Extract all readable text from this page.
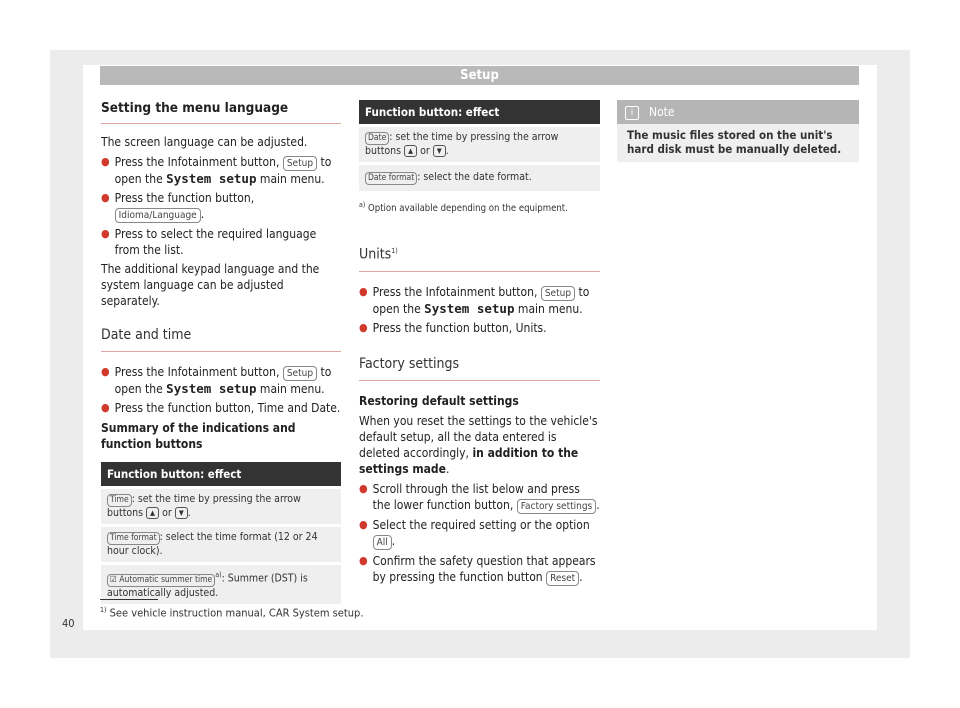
Setup
Setting the menu language

The screen language can be adjusted.

● Press the Infotainment button, Setup to open the System setup main menu.
● Press the function button, Idioma/Language .
● Press to select the required language from the list.

The additional keypad language and the system language can be adjusted separately.

Date and time
● Press the Infotainment button, Setup to open the System setup main menu.
● Press the function button, Time and Date.

Summary of the indications and function buttons

Function button: effect
Time : set the time by pressing the arrow buttons ▲ or ▼ .
Time format : select the time format (12 or 24 hour clock).
☑ Automatic summer time $^{a)}$: Summer (DST) is automatically adjusted.
Function button: effect
Date : set the time by pressing the arrow buttons ▲ or ▼ .
Date format : select the date format.
$^{a)}$ Option available depending on the equipment.
Units$^{1)}$
● Press the Infotainment button, Setup to open the System setup main menu.
● Press the function button, Units.
Factory settings

Restoring default settings

When you reset the settings to the vehicle's default setup, all the data entered is deleted accordingly, in addition to the settings made.

● Scroll through the list below and press the lower function button, Factory settings .
● Select the required setting or the option All .
● Confirm the safety question that appears by pressing the function button Reset .
i Note
The music files stored on the unit's hard disk must be manually deleted.
$^{1)}$ See vehicle instruction manual, CAR System setup.
40
